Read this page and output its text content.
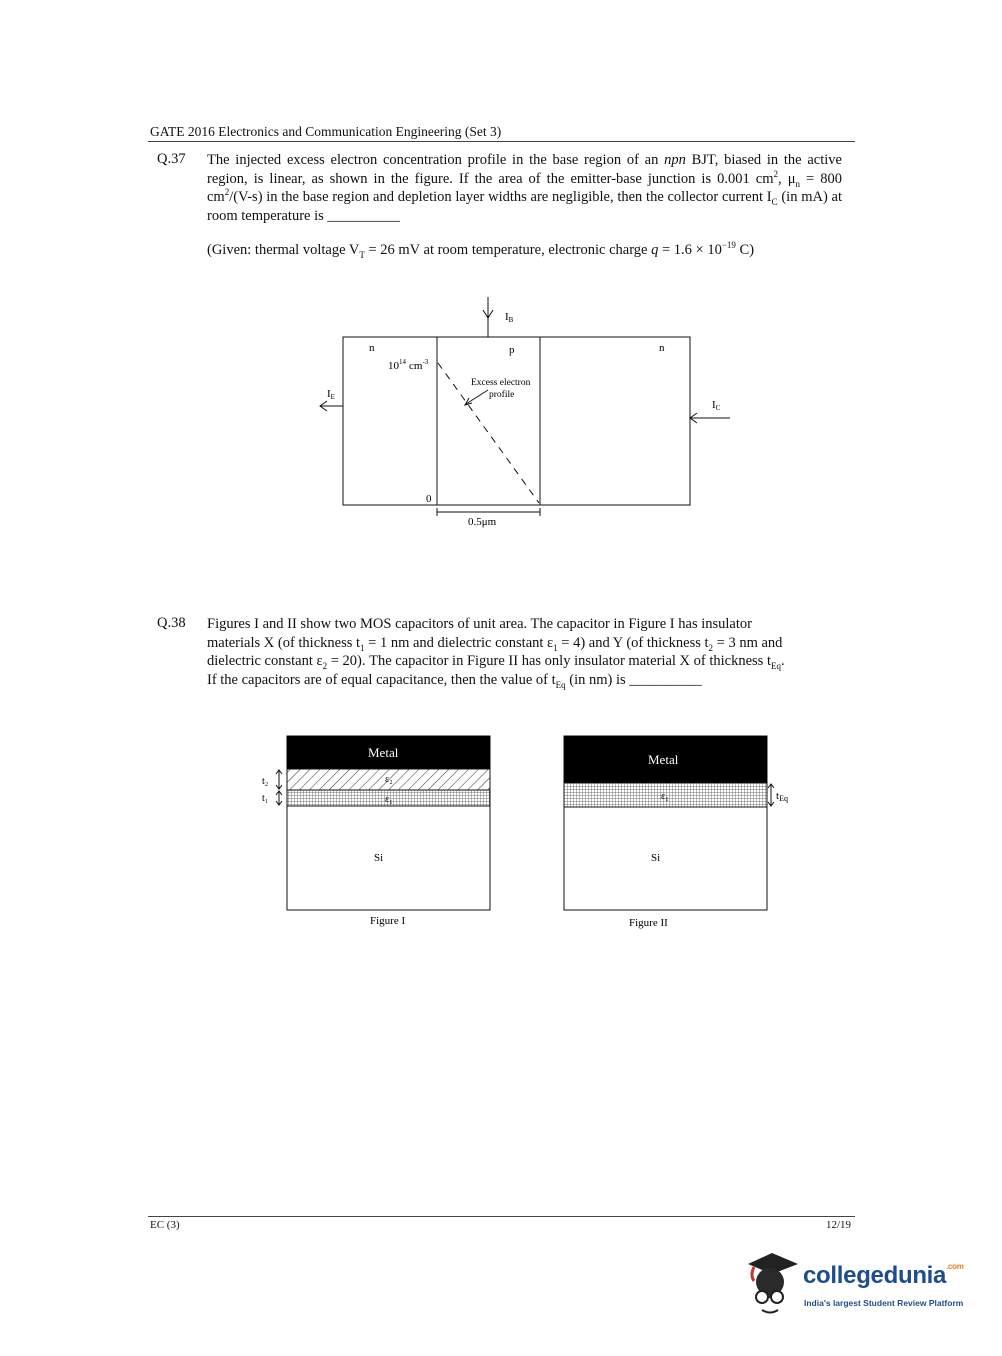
GATE 2016 Electronics and Communication Engineering (Set 3)
Q.37 The injected excess electron concentration profile in the base region of an npn BJT, biased in the active region, is linear, as shown in the figure. If the area of the emitter-base junction is 0.001 $cm^2$, $\mu_n = 800$ $cm^2/(V-s)$ in the base region and depletion layer widths are negligible, then the collector current $I_C$ (in mA) at room temperature is __________
(Given: thermal voltage $V_T = 26$ mV at room temperature, electronic charge $q = 1.6 \times 10^{-19}$ C)
IB
n	p	n
$10^{14}$ $cm^{-3}$
Excess electron
profile
IE
IC
0
0.5μm
Q.38 Figures I and II show two MOS capacitors of unit area. The capacitor in Figure I has insulator
materials X (of thickness $t_1 = 1$ nm and dielectric constant $\varepsilon_1 = 4$) and Y (of thickness $t_2 = 3$ nm and
dielectric constant $\varepsilon_2 = 20$). The capacitor in Figure II has only insulator material X of thickness $t_{Eq}$.
If the capacitors are of equal capacitance, then the value of $t_{Eq}$ (in nm) is __________
Metal
ε₂
ε₁
Si
t₂
t₁
Figure I
Metal
ε₁
Si
tEq
Figure II
EC (3)	12/19
collegedunia$^{.com}$
India's largest Student Review Platform
